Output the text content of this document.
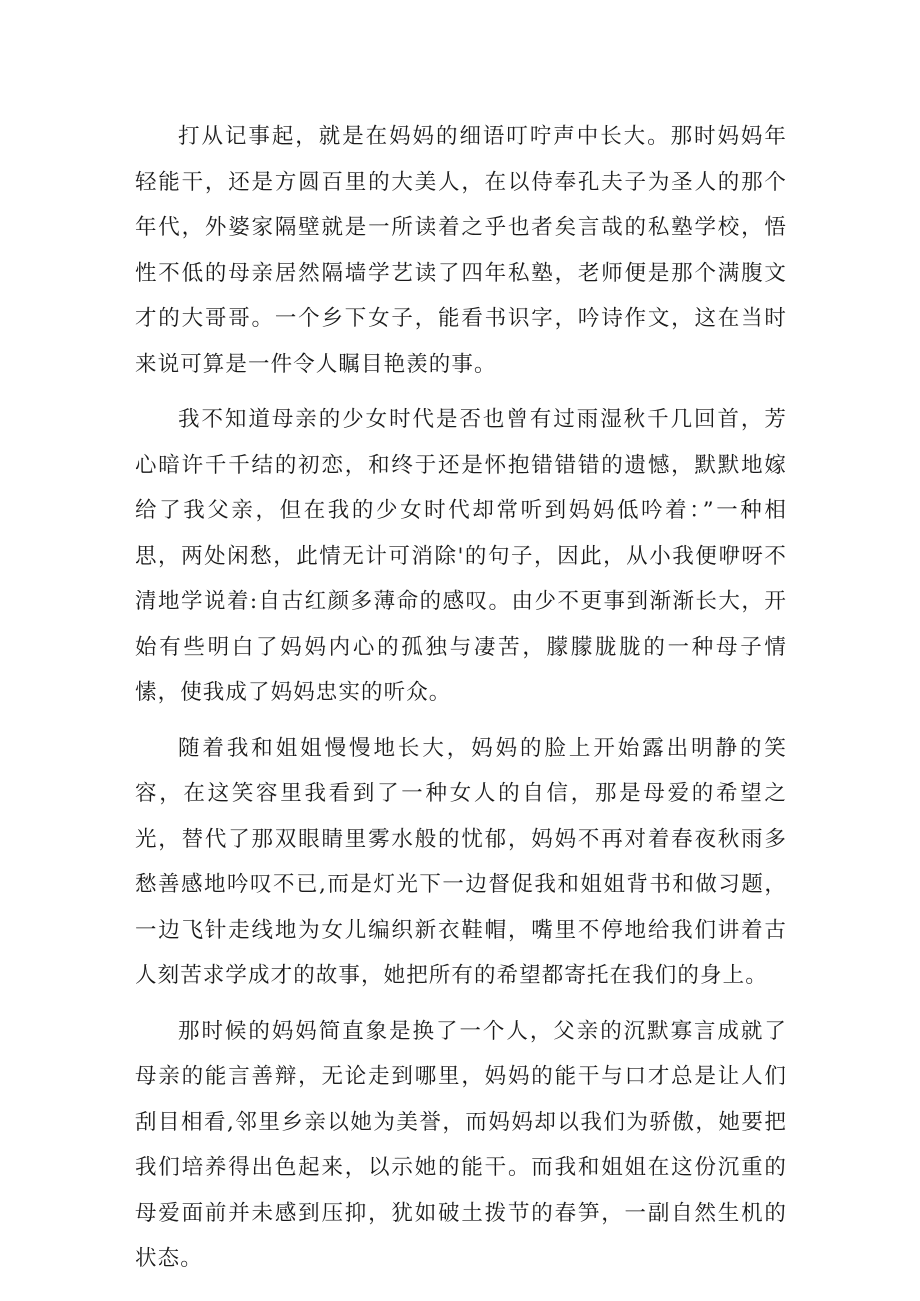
打从记事起，就是在妈妈的细语叮咛声中长大。那时妈妈年轻能干，还是方圆百里的大美人，在以侍奉孔夫子为圣人的那个年代，外婆家隔壁就是一所读着之乎也者矣言哉的私塾学校，悟性不低的母亲居然隔墙学艺读了四年私塾，老师便是那个满腹文才的大哥哥。一个乡下女子，能看书识字，吟诗作文，这在当时来说可算是一件令人瞩目艳羡的事。

我不知道母亲的少女时代是否也曾有过雨湿秋千几回首，芳心暗许千千结的初恋，和终于还是怀抱错错错的遗憾，默默地嫁给了我父亲，但在我的少女时代却常听到妈妈低吟着：”一种相思，两处闲愁，此情无计可消除'的句子，因此，从小我便咿呀不清地学说着:自古红颜多薄命的感叹。由少不更事到渐渐长大，开始有些明白了妈妈内心的孤独与凄苦，朦朦胧胧的一种母子情愫，使我成了妈妈忠实的听众。

随着我和姐姐慢慢地长大，妈妈的脸上开始露出明静的笑容，在这笑容里我看到了一种女人的自信，那是母爱的希望之光，替代了那双眼睛里雾水般的忧郁，妈妈不再对着春夜秋雨多愁善感地吟叹不已,而是灯光下一边督促我和姐姐背书和做习题，一边飞针走线地为女儿编织新衣鞋帽，嘴里不停地给我们讲着古人刻苦求学成才的故事，她把所有的希望都寄托在我们的身上。

那时候的妈妈简直象是换了一个人，父亲的沉默寡言成就了母亲的能言善辩，无论走到哪里，妈妈的能干与口才总是让人们刮目相看,邻里乡亲以她为美誉，而妈妈却以我们为骄傲，她要把我们培养得出色起来，以示她的能干。而我和姐姐在这份沉重的母爱面前并未感到压抑，犹如破土拨节的春笋，一副自然生机的状态。
